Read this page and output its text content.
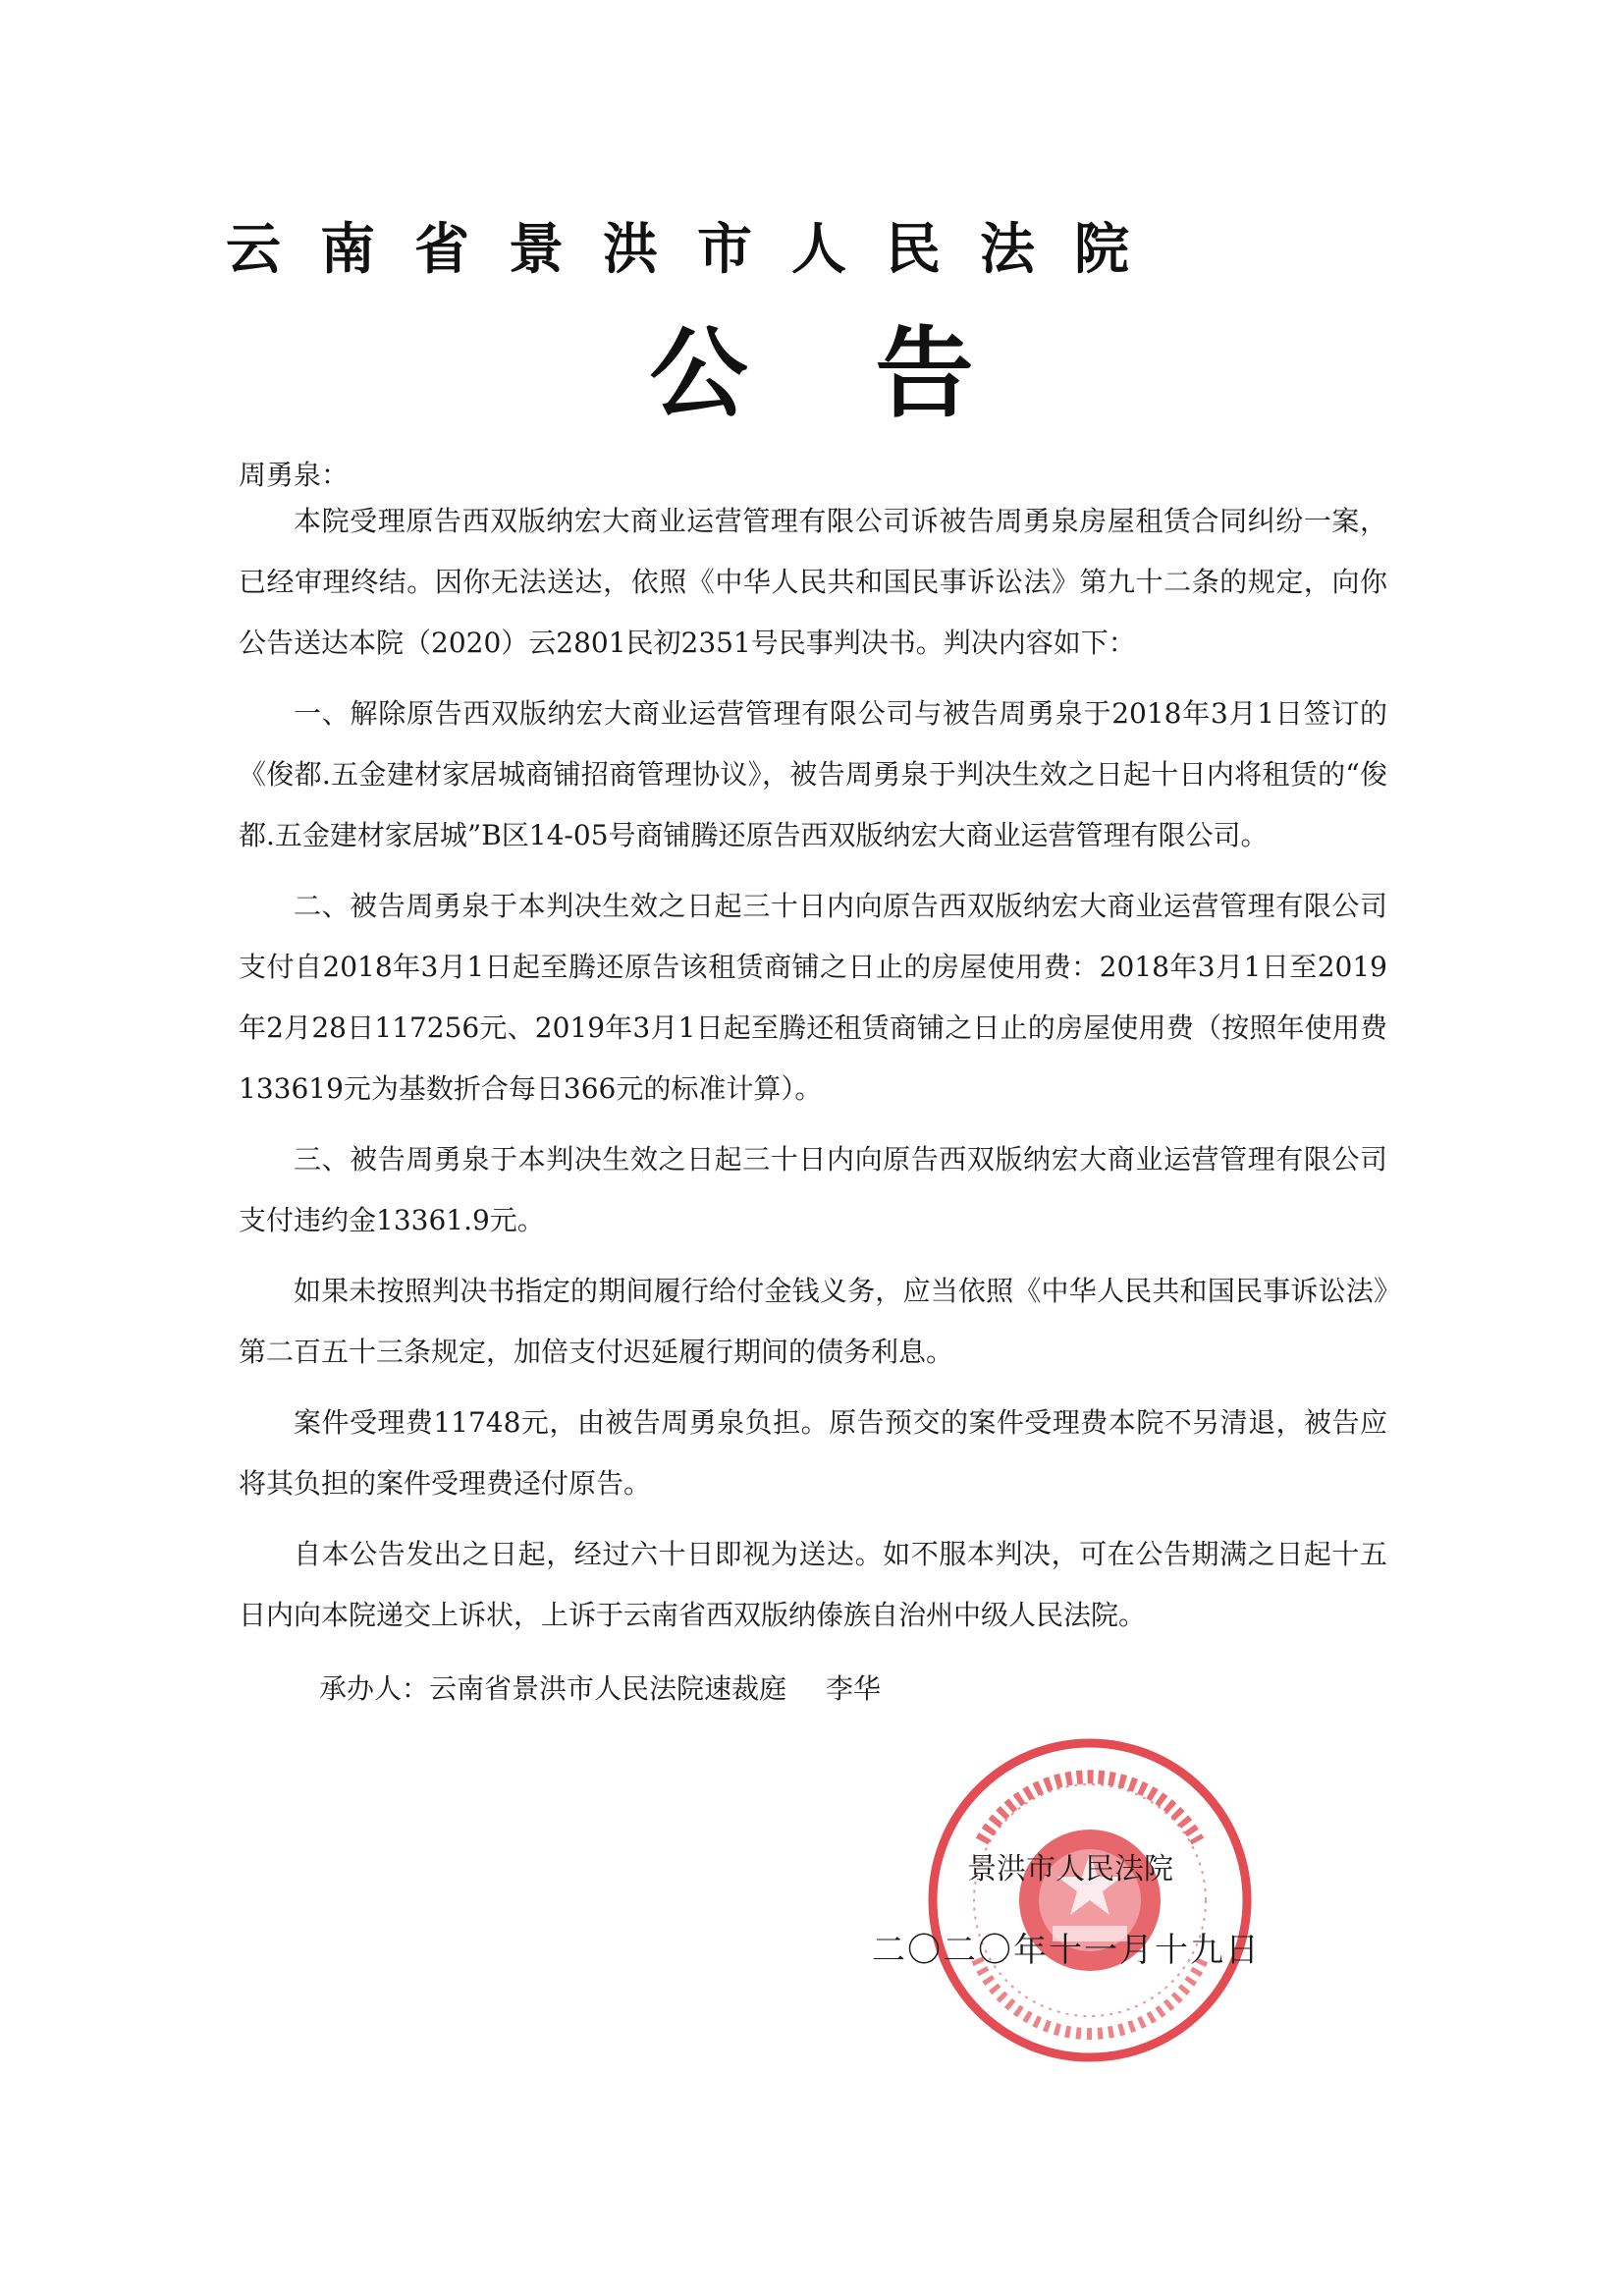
云南省景洪市人民法院
公告
周勇泉：

本院受理原告西双版纳宏大商业运营管理有限公司诉被告周勇泉房屋租赁合同纠纷一案，已经审理终结。因你无法送达，依照《中华人民共和国民事诉讼法》第九十二条的规定，向你公告送达本院（2020）云2801民初2351号民事判决书。判决内容如下：

一、解除原告西双版纳宏大商业运营管理有限公司与被告周勇泉于2018年3月1日签订的《俊都.五金建材家居城商铺招商管理协议》，被告周勇泉于判决生效之日起十日内将租赁的“俊都.五金建材家居城”B区14-05号商铺腾还原告西双版纳宏大商业运营管理有限公司。

二、被告周勇泉于本判决生效之日起三十日内向原告西双版纳宏大商业运营管理有限公司支付自2018年3月1日起至腾还原告该租赁商铺之日止的房屋使用费：2018年3月1日至2019年2月28日117256元、2019年3月1日起至腾还租赁商铺之日止的房屋使用费（按照年使用费133619元为基数折合每日366元的标准计算）。

三、被告周勇泉于本判决生效之日起三十日内向原告西双版纳宏大商业运营管理有限公司支付违约金13361.9元。

如果未按照判决书指定的期间履行给付金钱义务，应当依照《中华人民共和国民事诉讼法》第二百五十三条规定，加倍支付迟延履行期间的债务利息。

案件受理费11748元，由被告周勇泉负担。原告预交的案件受理费本院不另清退，被告应将其负担的案件受理费迳付原告。

自本公告发出之日起，经过六十日即视为送达。如不服本判决，可在公告期满之日起十五日内向本院递交上诉状，上诉于云南省西双版纳傣族自治州中级人民法院。

承办人：云南省景洪市人民法院速裁庭 李华
景洪市人民法院
二〇二〇年十一月十九日
